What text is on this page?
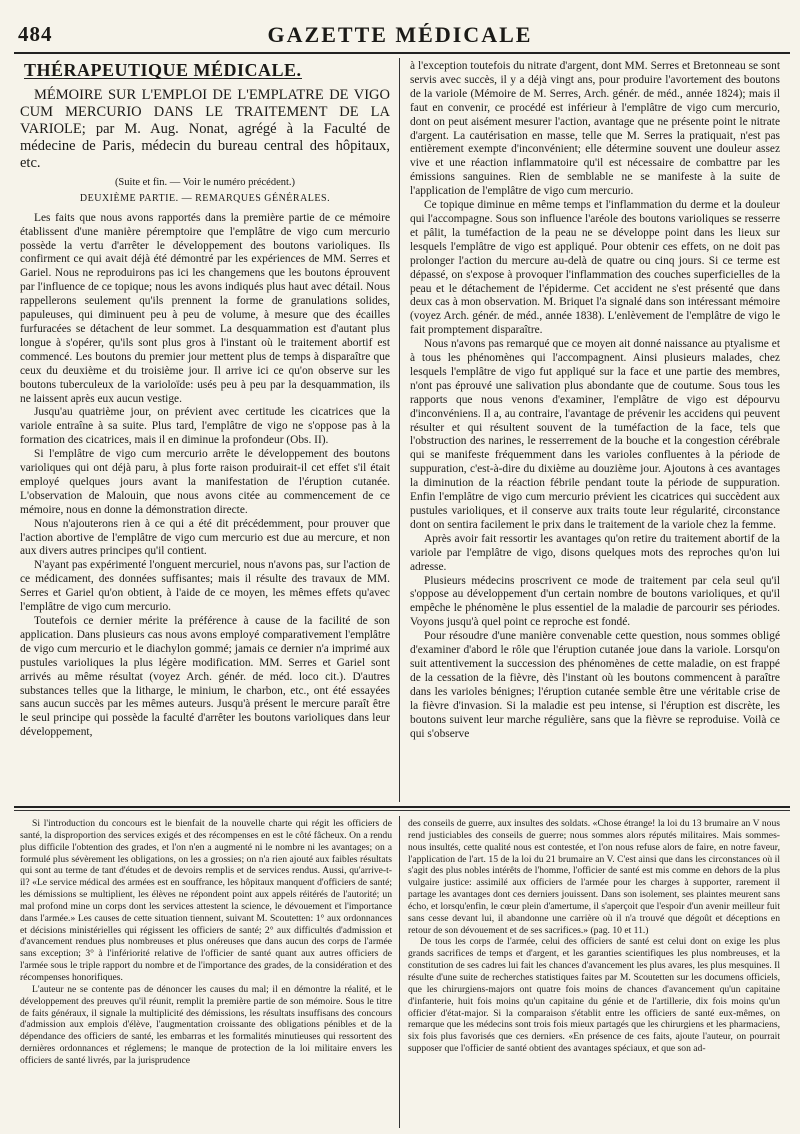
484	GAZETTE MÉDICALE
THÉRAPEUTIQUE MÉDICALE.

MÉMOIRE SUR L'EMPLOI DE L'EMPLATRE DE VIGO CUM MERCURIO DANS LE TRAITEMENT DE LA VARIOLE; par M. Aug. Nonat, agrégé à la Faculté de médecine de Paris, médecin du bureau central des hôpitaux, etc.

(Suite et fin. — Voir le numéro précédent.)
DEUXIÈME PARTIE. — REMARQUES GÉNÉRALES.

Les faits que nous avons rapportés dans la première partie de ce mémoire établissent d'une manière péremptoire que l'emplâtre de vigo cum mercurio possède la vertu d'arrêter le développement des boutons varioliques. Ils confirment ce qui avait déjà été démontré par les expériences de MM. Serres et Gariel. Nous ne reproduirons pas ici les changemens que les boutons éprouvent par l'influence de ce topique; nous les avons indiqués plus haut avec détail. Nous rappellerons seulement qu'ils prennent la forme de granulations solides, papuleuses, qui diminuent peu à peu de volume, à mesure que des écailles furfuracées se détachent de leur sommet. La desquammation est d'autant plus longue à s'opérer, qu'ils sont plus gros à l'instant où le traitement abortif est commencé. Les boutons du premier jour mettent plus de temps à disparaître que ceux du deuxième et du troisième jour. Il arrive ici ce qu'on observe sur les boutons tuberculeux de la varioloïde: usés peu à peu par la desquammation, ils ne laissent après eux aucun vestige.

Jusqu'au quatrième jour, on prévient avec certitude les cicatrices que la variole entraîne à sa suite. Plus tard, l'emplâtre de vigo ne s'oppose pas à la formation des cicatrices, mais il en diminue la profondeur (Obs. II).

Si l'emplâtre de vigo cum mercurio arrête le développement des boutons varioliques qui ont déjà paru, à plus forte raison produirait-il cet effet s'il était employé quelques jours avant la manifestation de l'éruption cutanée. L'observation de Malouin, que nous avons citée au commencement de ce mémoire, nous en donne la démonstration directe.

Nous n'ajouterons rien à ce qui a été dit précédemment, pour prouver que l'action abortive de l'emplâtre de vigo cum mercurio est due au mercure, et non aux divers autres principes qu'il contient.

N'ayant pas expérimenté l'onguent mercuriel, nous n'avons pas, sur l'action de ce médicament, des données suffisantes; mais il résulte des travaux de MM. Serres et Gariel qu'on obtient, à l'aide de ce moyen, les mêmes effets qu'avec l'emplâtre de vigo cum mercurio.

Toutefois ce dernier mérite la préférence à cause de la facilité de son application. Dans plusieurs cas nous avons employé comparativement l'emplâtre de vigo cum mercurio et le diachylon gommé; jamais ce dernier n'a imprimé aux pustules varioliques la plus légère modification. MM. Serres et Gariel sont arrivés au même résultat (voyez Arch. génér. de méd. loco cit.). D'autres substances telles que la litharge, le minium, le charbon, etc., ont été essayées sans aucun succès par les mêmes auteurs. Jusqu'à présent le mercure paraît être le seul principe qui possède la faculté d'arrêter les boutons varioliques dans leur développement,

à l'exception toutefois du nitrate d'argent, dont MM. Serres et Bretonneau se sont servis avec succès, il y a déjà vingt ans, pour produire l'avortement des boutons de la variole (Mémoire de M. Serres, Arch. génér. de méd., année 1824); mais il faut en convenir, ce procédé est inférieur à l'emplâtre de vigo cum mercurio, dont on peut aisément mesurer l'action, avantage que ne présente point le nitrate d'argent. La cautérisation en masse, telle que M. Serres la pratiquait, n'est pas entièrement exempte d'inconvénient; elle détermine souvent une douleur assez vive et une réaction inflammatoire qu'il est nécessaire de combattre par les émissions sanguines. Rien de semblable ne se manifeste à la suite de l'application de l'emplâtre de vigo cum mercurio.

Ce topique diminue en même temps et l'inflammation du derme et la douleur qui l'accompagne. Sous son influence l'aréole des boutons varioliques se resserre et pâlit, la tuméfaction de la peau ne se développe point dans les lieux sur lesquels l'emplâtre de vigo est appliqué. Pour obtenir ces effets, on ne doit pas prolonger l'action du mercure au-delà de quatre ou cinq jours. Si ce terme est dépassé, on s'expose à provoquer l'inflammation des couches superficielles de la peau et le détachement de l'épiderme. Cet accident ne s'est présenté que dans deux cas à mon observation. M. Briquet l'a signalé dans son intéressant mémoire (voyez Arch. génér. de méd., année 1838). L'enlèvement de l'emplâtre de vigo le fait promptement disparaître.

Nous n'avons pas remarqué que ce moyen ait donné naissance au ptyalisme et à tous les phénomènes qui l'accompagnent. Ainsi plusieurs malades, chez lesquels l'emplâtre de vigo fut appliqué sur la face et une partie des membres, n'ont pas éprouvé une salivation plus abondante que de coutume. Sous tous les rapports que nous venons d'examiner, l'emplâtre de vigo est dépourvu d'inconvéniens. Il a, au contraire, l'avantage de prévenir les accidens qui peuvent résulter et qui résultent souvent de la tuméfaction de la face, tels que l'obstruction des narines, le resserrement de la bouche et la congestion cérébrale qui se manifeste fréquemment dans les varioles confluentes à la période de suppuration, c'est-à-dire du dixième au douzième jour. Ajoutons à ces avantages la diminution de la réaction fébrile pendant toute la période de suppuration. Enfin l'emplâtre de vigo cum mercurio prévient les cicatrices qui succèdent aux pustules varioliques, et il conserve aux traits toute leur régularité, circonstance dont on sentira facilement le prix dans le traitement de la variole chez la femme.

Après avoir fait ressortir les avantages qu'on retire du traitement abortif de la variole par l'emplâtre de vigo, disons quelques mots des reproches qu'on lui adresse.

Plusieurs médecins proscrivent ce mode de traitement par cela seul qu'il s'oppose au développement d'un certain nombre de boutons varioliques, et qu'il empêche le phénomène le plus essentiel de la maladie de parcourir ses périodes. Voyons jusqu'à quel point ce reproche est fondé.

Pour résoudre d'une manière convenable cette question, nous sommes obligé d'examiner d'abord le rôle que l'éruption cutanée joue dans la variole. Lorsqu'on suit attentivement la succession des phénomènes de cette maladie, on est frappé de la cessation de la fièvre, dès l'instant où les boutons commencent à paraître dans les varioles bénignes; l'éruption cutanée semble être une véritable crise de la fièvre d'invasion. Si la maladie est peu intense, si l'éruption est discrète, les boutons suivent leur marche régulière, sans que la fièvre se reproduise. Voilà ce qui s'observe

Si l'introduction du concours est le bienfait de la nouvelle charte qui régit les officiers de santé, la disproportion des services exigés et des récompenses en est le côté fâcheux. On a rendu plus difficile l'obtention des grades, et l'on n'en a augmenté ni le nombre ni les avantages; on a formulé plus sévèrement les obligations, on les a grossies; on n'a rien ajouté aux faibles résultats qui sont au terme de tant d'études et de devoirs remplis et de services rendus. Aussi, qu'arrive-t-il? «Le service médical des armées est en souffrance, les hôpitaux manquent d'officiers de santé; les démissions se multiplient, les élèves ne répondent point aux appels réitérés de l'autorité; un mal profond mine un corps dont les services attestent la science, le dévouement et l'importance dans l'armée.» Les causes de cette situation tiennent, suivant M. Scoutetten: 1° aux ordonnances et décisions ministérielles qui régissent les officiers de santé; 2° aux difficultés d'admission et d'avancement rendues plus nombreuses et plus onéreuses que dans aucun des corps de l'armée sans exception; 3° à l'infériorité relative de l'officier de santé quant aux autres officiers de l'armée sous le triple rapport du nombre et de l'importance des grades, de la considération et des récompenses honorifiques.

L'auteur ne se contente pas de dénoncer les causes du mal; il en démontre la réalité, et le développement des preuves qu'il réunit, remplit la première partie de son mémoire. Sous le titre de faits généraux, il signale la multiplicité des démissions, les résultats insuffisans des concours d'admission aux emplois d'élève, l'augmentation croissante des obligations pénibles et de la dépendance des officiers de santé, les embarras et les formalités minutieuses qui ressortent des dernières ordonnances et réglemens; le manque de protection de la loi militaire envers les officiers de santé livrés, par la jurisprudence

des conseils de guerre, aux insultes des soldats. «Chose étrange! la loi du 13 brumaire an V nous rend justiciables des conseils de guerre; nous sommes alors réputés militaires. Mais sommes-nous insultés, cette qualité nous est contestée, et l'on nous refuse alors de faire, en notre faveur, l'application de l'art. 15 de la loi du 21 brumaire an V. C'est ainsi que dans les circonstances où il s'agit des plus nobles intérêts de l'homme, l'officier de santé est mis comme en dehors de la plus vulgaire justice: assimilé aux officiers de l'armée pour les charges à supporter, rarement il partage les avantages dont ces derniers jouissent. Dans son isolement, ses plaintes meurent sans écho, et lorsqu'enfin, le cœur plein d'amertume, il s'aperçoit que l'espoir d'un avenir meilleur fuit sans cesse devant lui, il abandonne une carrière où il n'a trouvé que dégoût et déceptions en retour de son dévouement et de ses sacrifices.» (pag. 10 et 11.)

De tous les corps de l'armée, celui des officiers de santé est celui dont on exige les plus grands sacrifices de temps et d'argent, et les garanties scientifiques les plus nombreuses, et la constitution de ses cadres lui fait les chances d'avancement les plus avares, les plus mesquines. Il résulte d'une suite de recherches statistiques faites par M. Scoutetten sur les documens officiels, que les chirurgiens-majors ont quatre fois moins de chances d'avancement qu'un capitaine d'infanterie, huit fois moins qu'un capitaine du génie et de l'artillerie, dix fois moins qu'un officier d'état-major. Si la comparaison s'établit entre les officiers de santé eux-mêmes, on remarque que les médecins sont trois fois mieux partagés que les chirurgiens et les pharmaciens, six fois plus favorisés que ces derniers. «En présence de ces faits, ajoute l'auteur, on pourrait supposer que l'officier de santé obtient des avantages spéciaux, et que son ad-
